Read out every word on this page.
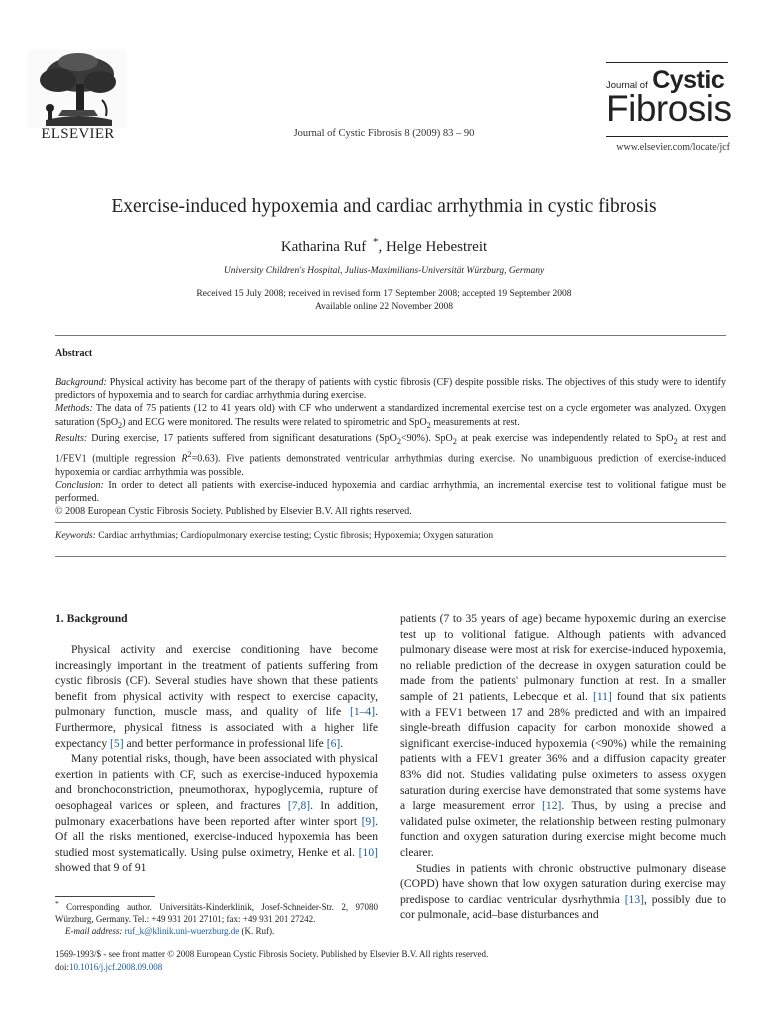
ELSEVIER	Journal of Cystic Fibrosis 8 (2009) 83 – 90
Journal of Cystic
Fibrosis
www.elsevier.com/locate/jcf
Exercise-induced hypoxemia and cardiac arrhythmia in cystic fibrosis
Katharina Ruf *, Helge Hebestreit
University Children's Hospital, Julius-Maximilians-Universität Würzburg, Germany
Received 15 July 2008; received in revised form 17 September 2008; accepted 19 September 2008
Available online 22 November 2008
Abstract

Background: Physical activity has become part of the therapy of patients with cystic fibrosis (CF) despite possible risks. The objectives of this study were to identify predictors of hypoxemia and to search for cardiac arrhythmia during exercise.

Methods: The data of 75 patients (12 to 41 years old) with CF who underwent a standardized incremental exercise test on a cycle ergometer was analyzed. Oxygen saturation (SpO$_2$) and ECG were monitored. The results were related to spirometric and SpO$_2$ measurements at rest.

Results: During exercise, 17 patients suffered from significant desaturations (SpO$_2$<90%). SpO$_2$ at peak exercise was independently related to SpO$_2$ at rest and 1/FEV1 (multiple regression $R^2=0.63$). Five patients demonstrated ventricular arrhythmias during exercise. No unambiguous prediction of exercise-induced hypoxemia or cardiac arrhythmia was possible.

Conclusion: In order to detect all patients with exercise-induced hypoxemia and cardiac arrhythmia, an incremental exercise test to volitional fatigue must be performed.

© 2008 European Cystic Fibrosis Society. Published by Elsevier B.V. All rights reserved.

Keywords: Cardiac arrhythmias; Cardiopulmonary exercise testing; Cystic fibrosis; Hypoxemia; Oxygen saturation
1. Background

Physical activity and exercise conditioning have become increasingly important in the treatment of patients suffering from cystic fibrosis (CF). Several studies have shown that these patients benefit from physical activity with respect to exercise capacity, pulmonary function, muscle mass, and quality of life [1–4]. Furthermore, physical fitness is associated with a higher life expectancy [5] and better performance in professional life [6].

Many potential risks, though, have been associated with physical exertion in patients with CF, such as exercise-induced hypoxemia and bronchoconstriction, pneumothorax, hypoglycemia, rupture of oesophageal varices or spleen, and fractures [7,8]. In addition, pulmonary exacerbations have been reported after winter sport [9]. Of all the risks mentioned, exercise-induced hypoxemia has been studied most systematically. Using pulse oximetry, Henke et al. [10] showed that 9 of 91

patients (7 to 35 years of age) became hypoxemic during an exercise test up to volitional fatigue. Although patients with advanced pulmonary disease were most at risk for exercise-induced hypoxemia, no reliable prediction of the decrease in oxygen saturation could be made from the patients' pulmonary function at rest. In a smaller sample of 21 patients, Lebecque et al. [11] found that six patients with a FEV1 between 17 and 28% predicted and with an impaired single-breath diffusion capacity for carbon monoxide showed a significant exercise-induced hypoxemia (<90%) while the remaining patients with a FEV1 greater 36% and a diffusion capacity greater 83% did not. Studies validating pulse oximeters to assess oxygen saturation during exercise have demonstrated that some systems have a large measurement error [12]. Thus, by using a precise and validated pulse oximeter, the relationship between resting pulmonary function and oxygen saturation during exercise might become much clearer.

Studies in patients with chronic obstructive pulmonary disease (COPD) have shown that low oxygen saturation during exercise may predispose to cardiac ventricular dysrhythmia [13], possibly due to cor pulmonale, acid–base disturbances and

* Corresponding author. Universitäts-Kinderklinik, Josef-Schneider-Str. 2, 97080 Würzburg, Germany. Tel.: +49 931 201 27101; fax: +49 931 201 27242.

E-mail address: ruf_k@klinik.uni-wuerzburg.de (K. Ruf).

1569-1993/$ - see front matter © 2008 European Cystic Fibrosis Society. Published by Elsevier B.V. All rights reserved.
doi:10.1016/j.jcf.2008.09.008
